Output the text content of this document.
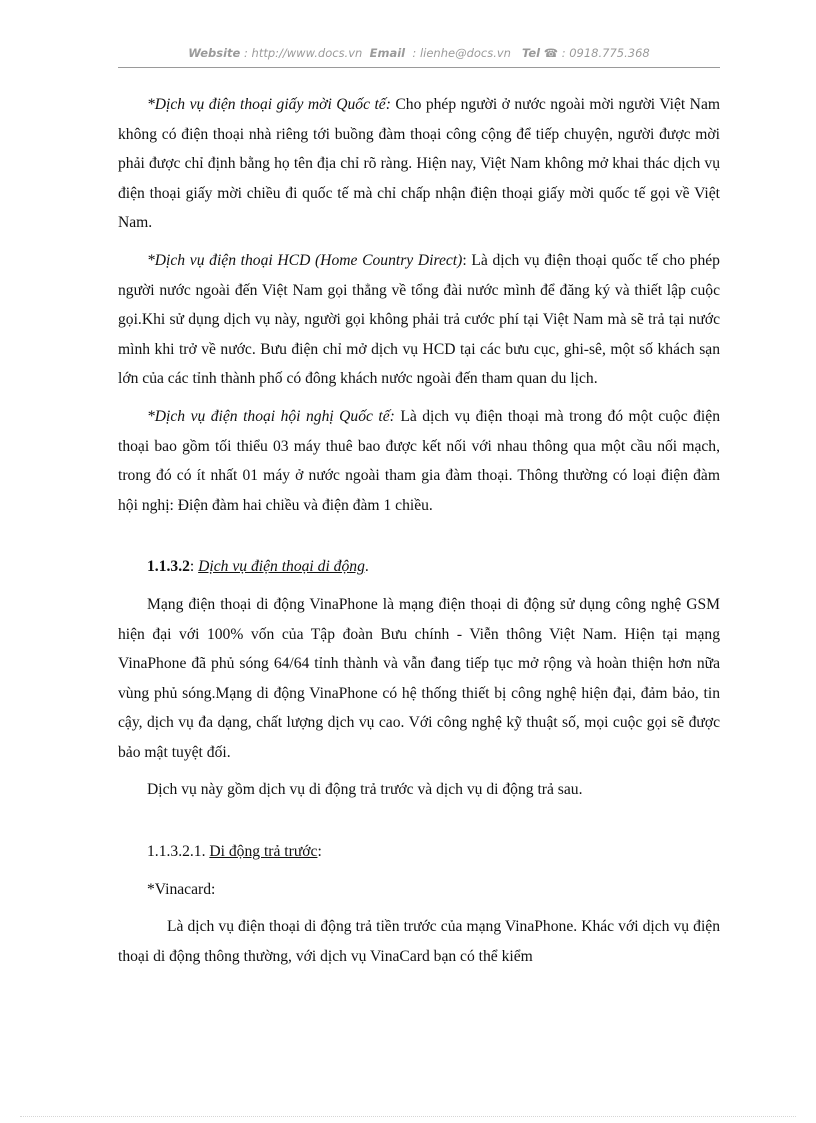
Website : http://www.docs.vn Email : lienhe@docs.vn Tel ☎ : 0918.775.368

*Dịch vụ điện thoại giấy mời Quốc tế: Cho phép người ở nước ngoài mời người Việt Nam không có điện thoại nhà riêng tới buồng đàm thoại công cộng để tiếp chuyện, người được mời phải được chỉ định bằng họ tên địa chỉ rõ ràng. Hiện nay, Việt Nam không mở khai thác dịch vụ điện thoại giấy mời chiều đi quốc tế mà chỉ chấp nhận điện thoại giấy mời quốc tế gọi về Việt Nam.

*Dịch vụ điện thoại HCD (Home Country Direct): Là dịch vụ điện thoại quốc tế cho phép người nước ngoài đến Việt Nam gọi thẳng về tổng đài nước mình để đăng ký và thiết lập cuộc gọi.Khi sử dụng dịch vụ này, người gọi không phải trả cước phí tại Việt Nam mà sẽ trả tại nước mình khi trở về nước. Bưu điện chỉ mở dịch vụ HCD tại các bưu cục, ghi-sê, một số khách sạn lớn của các tỉnh thành phố có đông khách nước ngoài đến tham quan du lịch.

*Dịch vụ điện thoại hội nghị Quốc tế: Là dịch vụ điện thoại mà trong đó một cuộc điện thoại bao gồm tối thiểu 03 máy thuê bao được kết nối với nhau thông qua một cầu nối mạch, trong đó có ít nhất 01 máy ở nước ngoài tham gia đàm thoại. Thông thường có loại điện đàm hội nghị: Điện đàm hai chiều và điện đàm 1 chiều.

1.1.3.2: Dịch vụ điện thoại di động.

Mạng điện thoại di động VinaPhone là mạng điện thoại di động sử dụng công nghệ GSM hiện đại với 100% vốn của Tập đoàn Bưu chính - Viễn thông Việt Nam. Hiện tại mạng VinaPhone đã phủ sóng 64/64 tỉnh thành và vẫn đang tiếp tục mở rộng và hoàn thiện hơn nữa vùng phủ sóng.Mạng di động VinaPhone có hệ thống thiết bị công nghệ hiện đại, đảm bảo, tin cậy, dịch vụ đa dạng, chất lượng dịch vụ cao. Với công nghệ kỹ thuật số, mọi cuộc gọi sẽ được bảo mật tuyệt đối.

Dịch vụ này gồm dịch vụ di động trả trước và dịch vụ di động trả sau.

1.1.3.2.1. Di động trả trước:

*Vinacard:

Là dịch vụ điện thoại di động trả tiền trước của mạng VinaPhone. Khác với dịch vụ điện thoại di động thông thường, với dịch vụ VinaCard bạn có thể kiểm
